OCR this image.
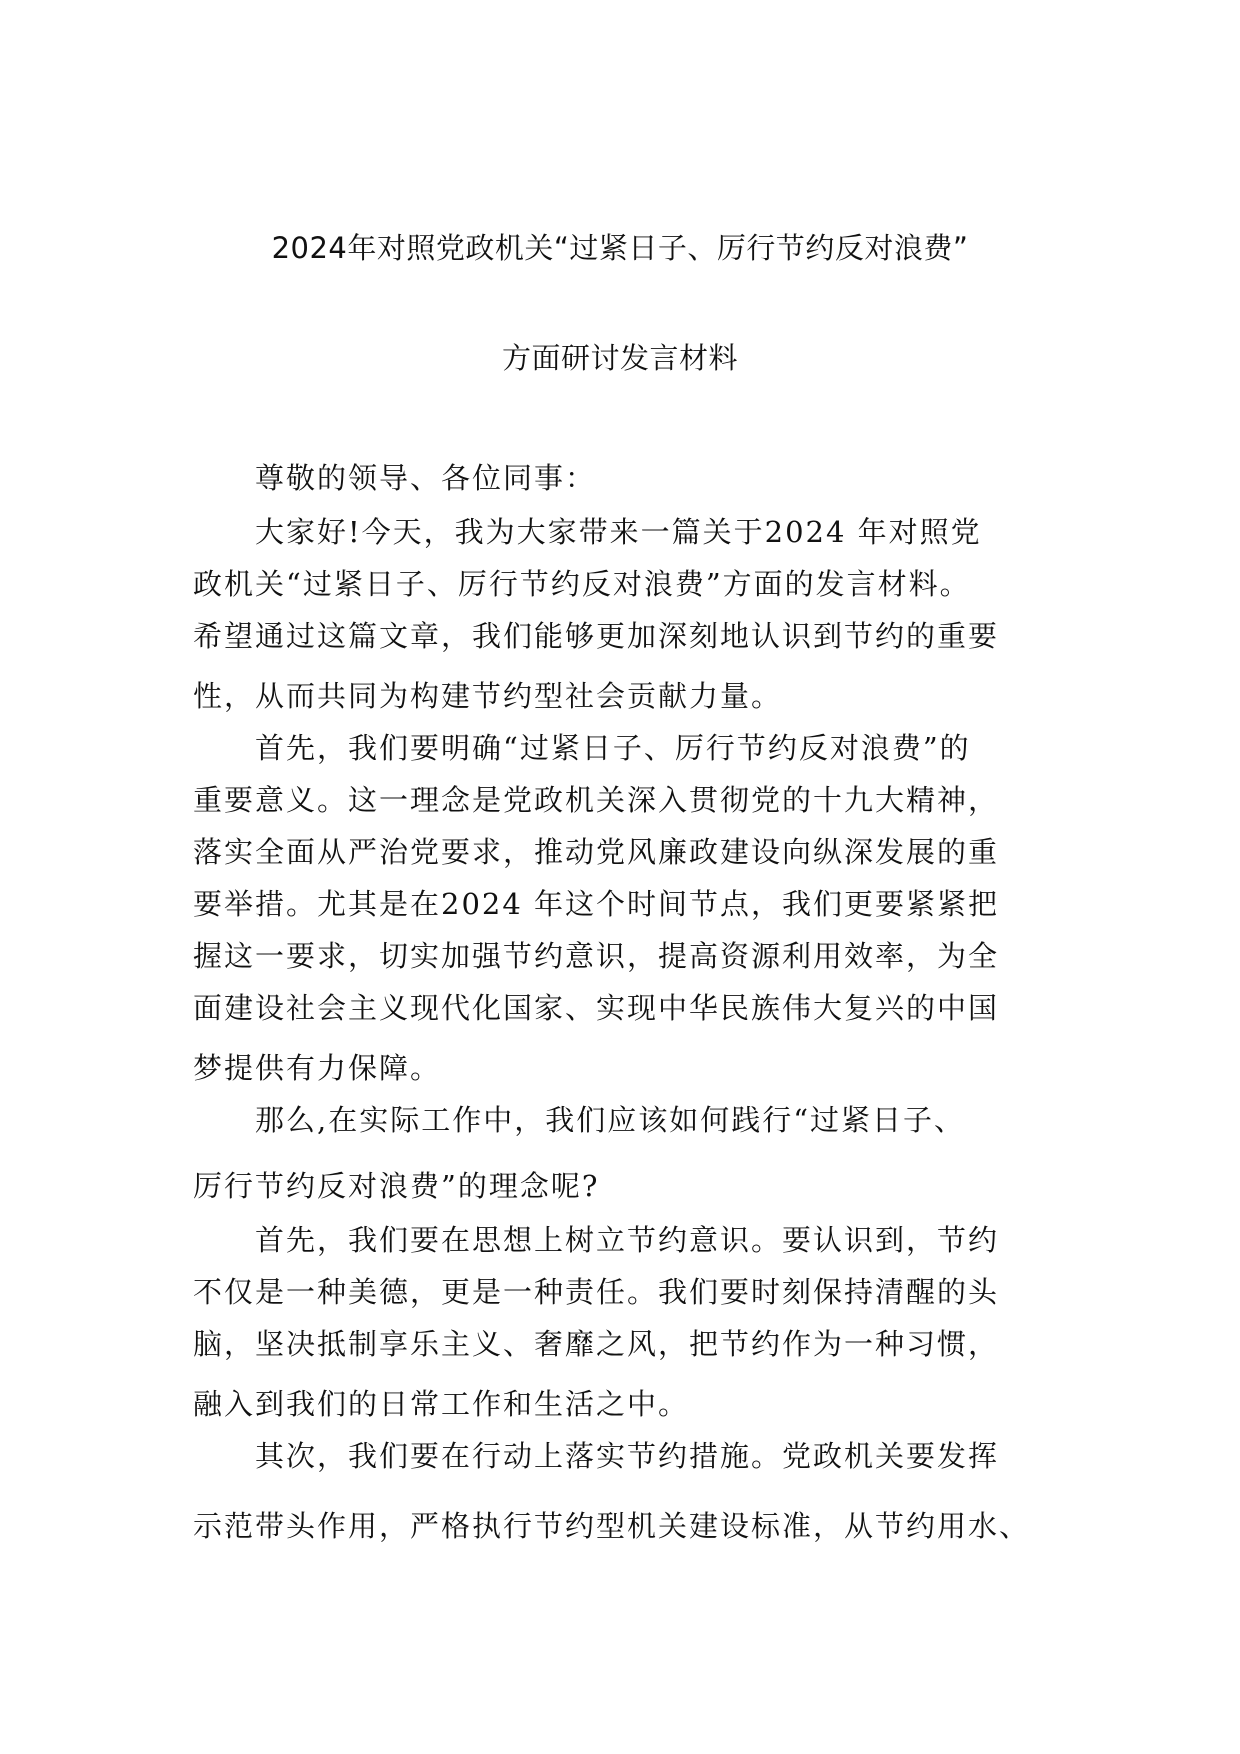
2024年对照党政机关“过紧日子、厉行节约反对浪费”
方面研讨发言材料
尊敬的领导、各位同事：
大家好!今天，我为大家带来一篇关于2024 年对照党
政机关“过紧日子、厉行节约反对浪费”方面的发言材料。
希望通过这篇文章，我们能够更加深刻地认识到节约的重要
性，从而共同为构建节约型社会贡献力量。
首先，我们要明确“过紧日子、厉行节约反对浪费”的
重要意义。这一理念是党政机关深入贯彻党的十九大精神，
落实全面从严治党要求，推动党风廉政建设向纵深发展的重
要举措。尤其是在2024 年这个时间节点，我们更要紧紧把
握这一要求，切实加强节约意识，提高资源利用效率，为全
面建设社会主义现代化国家、实现中华民族伟大复兴的中国
梦提供有力保障。
那么,在实际工作中，我们应该如何践行“过紧日子、
厉行节约反对浪费”的理念呢?
首先，我们要在思想上树立节约意识。要认识到，节约
不仅是一种美德，更是一种责任。我们要时刻保持清醒的头
脑，坚决抵制享乐主义、奢靡之风，把节约作为一种习惯，
融入到我们的日常工作和生活之中。
其次，我们要在行动上落实节约措施。党政机关要发挥
示范带头作用，严格执行节约型机关建设标准，从节约用水、
